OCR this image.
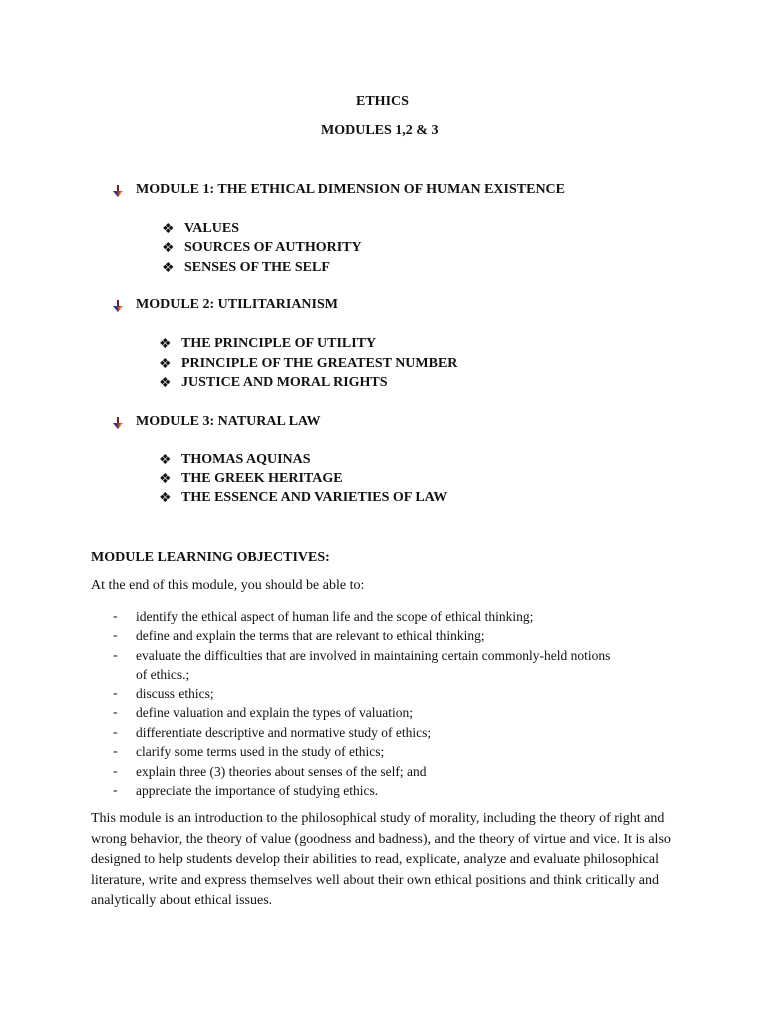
ETHICS
MODULES 1,2 & 3
MODULE 1: THE ETHICAL DIMENSION OF HUMAN EXISTENCE
❖ VALUES
❖ SOURCES OF AUTHORITY
❖ SENSES OF THE SELF
MODULE 2: UTILITARIANISM
❖ THE PRINCIPLE OF UTILITY
❖ PRINCIPLE OF THE GREATEST NUMBER
❖ JUSTICE AND MORAL RIGHTS
MODULE 3: NATURAL LAW
❖ THOMAS AQUINAS
❖ THE GREEK HERITAGE
❖ THE ESSENCE AND VARIETIES OF LAW
MODULE LEARNING OBJECTIVES:
At the end of this module, you should be able to:
- identify the ethical aspect of human life and the scope of ethical thinking;
- define and explain the terms that are relevant to ethical thinking;
- evaluate the difficulties that are involved in maintaining certain commonly-held notions
of ethics.;
- discuss ethics;
- define valuation and explain the types of valuation;
- differentiate descriptive and normative study of ethics;
- clarify some terms used in the study of ethics;
- explain three (3) theories about senses of the self; and
- appreciate the importance of studying ethics.
This module is an introduction to the philosophical study of morality, including the theory of right and wrong behavior, the theory of value (goodness and badness), and the theory of virtue and vice. It is also designed to help students develop their abilities to read, explicate, analyze and evaluate philosophical literature, write and express themselves well about their own ethical positions and think critically and analytically about ethical issues.
